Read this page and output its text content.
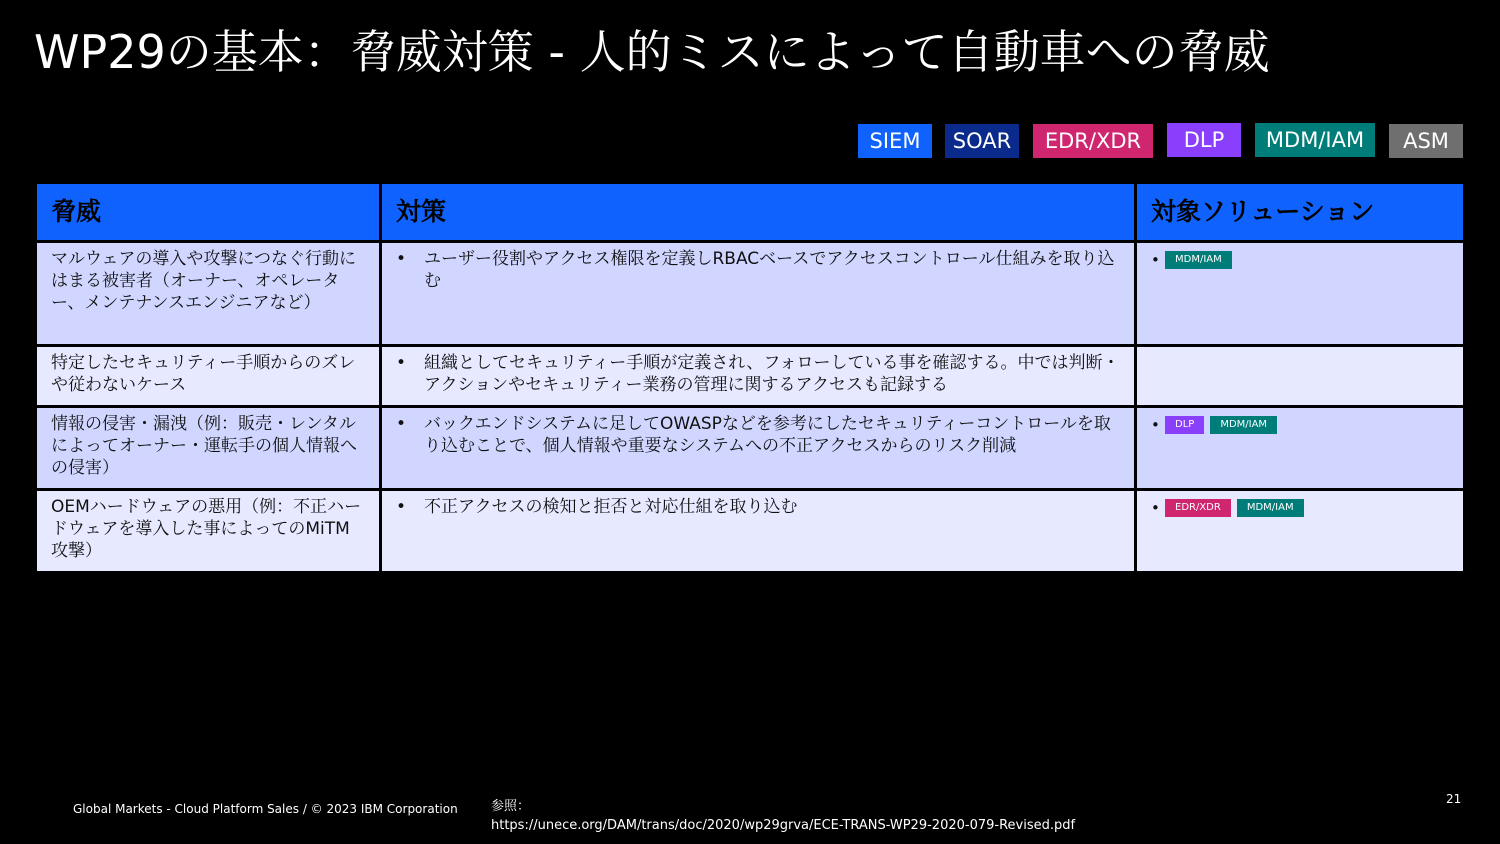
WP29の基本：脅威対策 - 人的ミスによって自動車への脅威
SIEM	SOAR	EDR/XDR	DLP	MDM/IAM	ASM
脅威	対策	対象ソリューション
マルウェアの導入や攻撃につなぐ行動にはまる被害者（オーナー、オペレーター、メンテナンスエンジニアなど）	• ユーザー役割やアクセス権限を定義しRBACベースでアクセスコントロール仕組みを取り込む	• MDM/IAM

特定したセキュリティー手順からのズレや従わないケース	• 組織としてセキュリティー手順が定義され、フォローしている事を確認する。中では判断・アクションやセキュリティー業務の管理に関するアクセスも記録する	

情報の侵害・漏洩（例：販売・レンタルによってオーナー・運転手の個人情報への侵害）	• バックエンドシステムに足してOWASPなどを参考にしたセキュリティーコントロールを取り込むことで、個人情報や重要なシステムへの不正アクセスからのリスク削減	• DLP MDM/IAM

OEMハードウェアの悪用（例：不正ハードウェアを導入した事によってのMiTM攻撃）	• 不正アクセスの検知と拒否と対応仕組を取り込む	• EDR/XDR MDM/IAM
Global Markets - Cloud Platform Sales / © 2023 IBM Corporation	参照：
https://unece.org/DAM/trans/doc/2020/wp29grva/ECE-TRANS-WP29-2020-079-Revised.pdf
21
